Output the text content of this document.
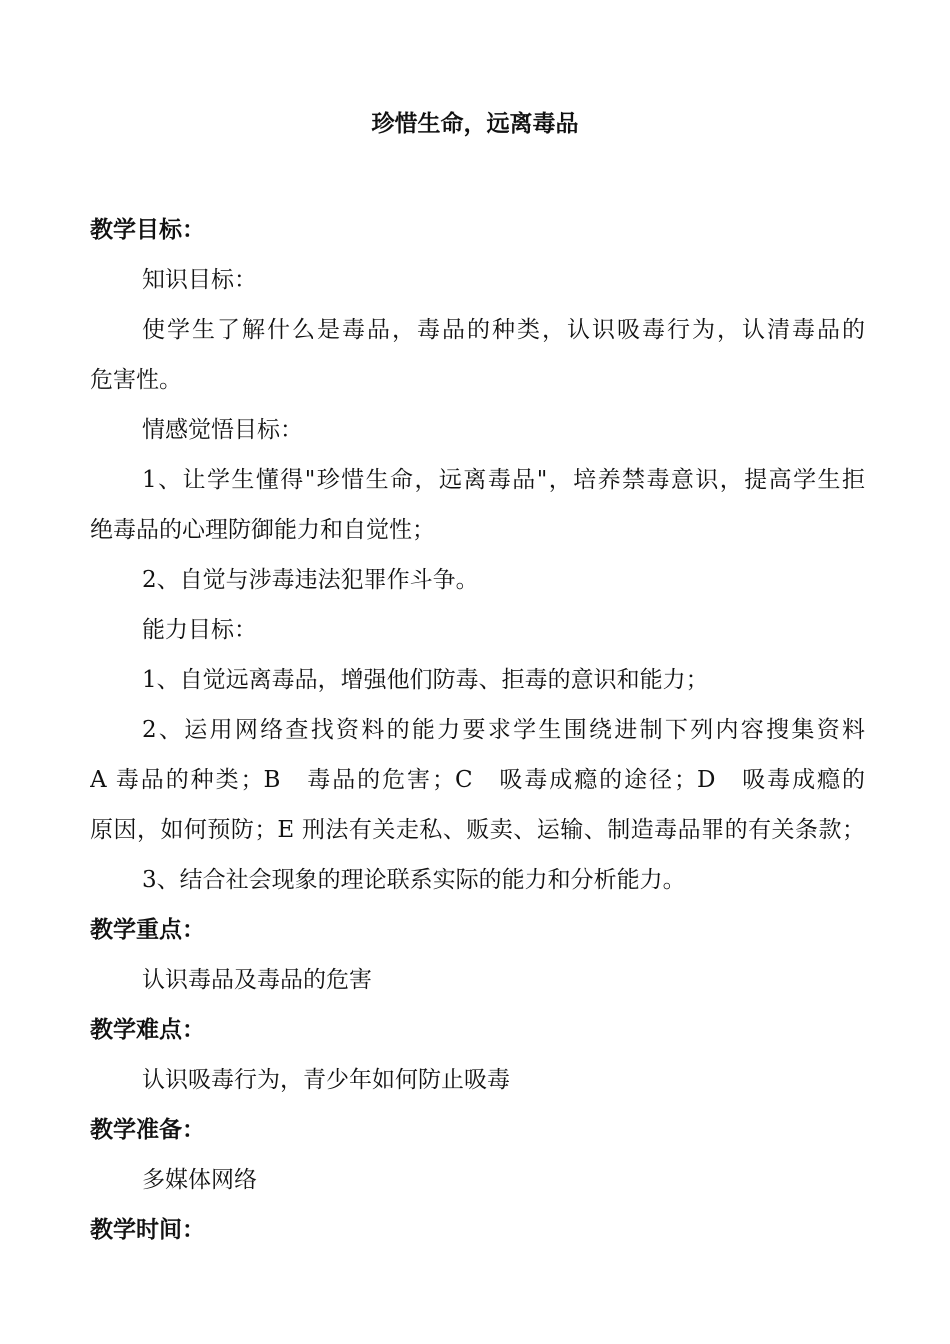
珍惜生命，远离毒品
教学目标：
知识目标：
使学生了解什么是毒品，毒品的种类，认识吸毒行为，认清毒品的
危害性。
情感觉悟目标：
1、让学生懂得"珍惜生命，远离毒品"，培养禁毒意识，提高学生拒
绝毒品的心理防御能力和自觉性；
2、自觉与涉毒违法犯罪作斗争。
能力目标：
1、自觉远离毒品，增强他们防毒、拒毒的意识和能力；
2、运用网络查找资料的能力要求学生围绕进制下列内容搜集资料
A 毒品的种类；B　毒品的危害；C　吸毒成瘾的途径；D　吸毒成瘾的
原因，如何预防；E 刑法有关走私、贩卖、运输、制造毒品罪的有关条款；
3、结合社会现象的理论联系实际的能力和分析能力。
教学重点：
认识毒品及毒品的危害
教学难点：
认识吸毒行为，青少年如何防止吸毒
教学准备：
多媒体网络
教学时间：
